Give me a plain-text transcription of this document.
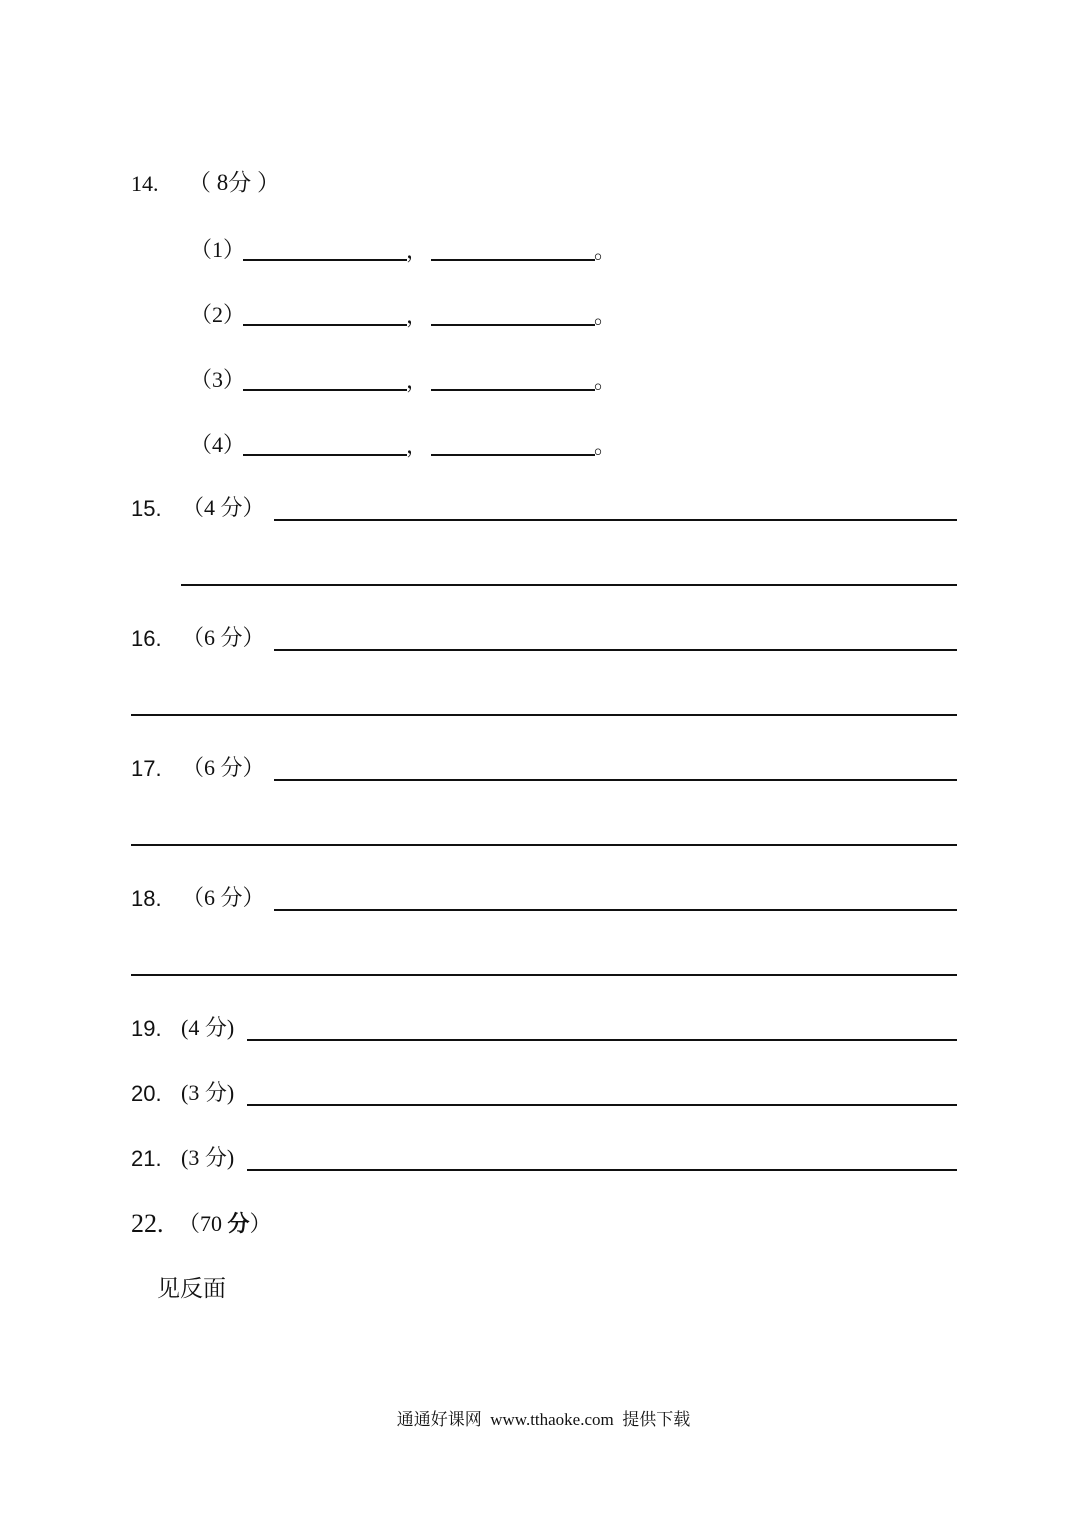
14. （ 8分 ）
（1）	，	。
（2）	，	。
（3）	，	。
（4）	，	。
15. （4 分）
16. （6 分）
17. （6 分）
18. （6 分）
19. (4 分)
20. (3 分)
21. (3 分)
22. （70 分）
见反面
通通好课网  www.tthaoke.com  提供下载
